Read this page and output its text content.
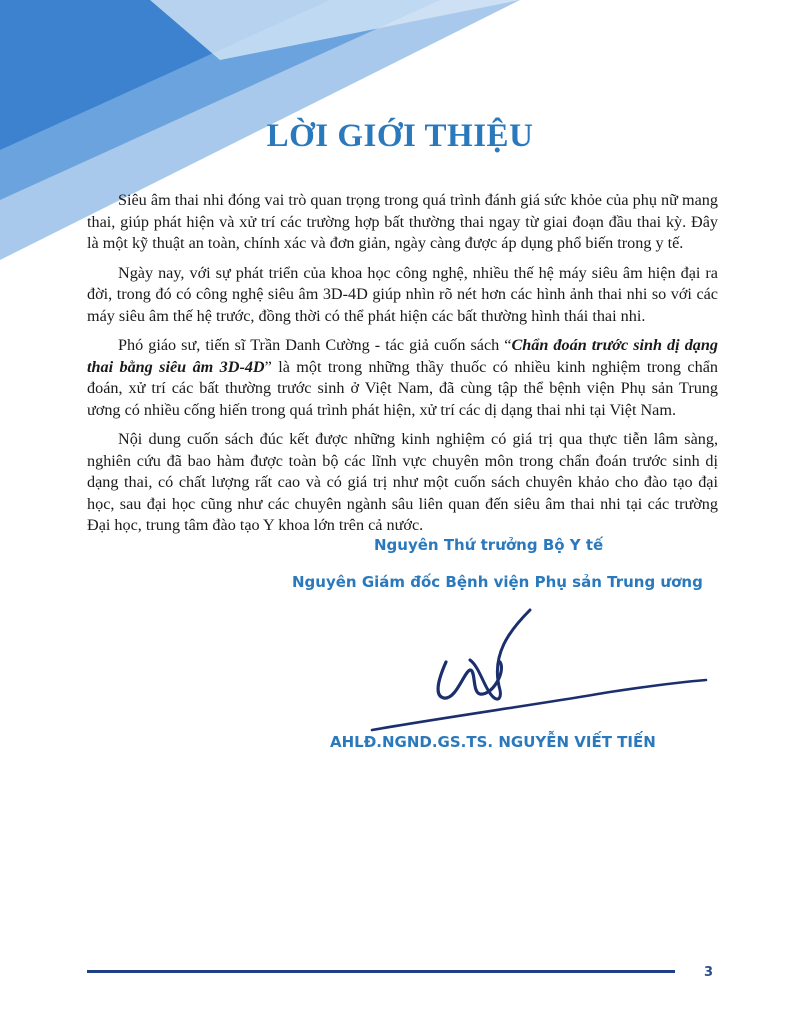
LỜI GIỚI THIỆU

Siêu âm thai nhi đóng vai trò quan trọng trong quá trình đánh giá sức khỏe của phụ nữ mang thai, giúp phát hiện và xử trí các trường hợp bất thường thai ngay từ giai đoạn đầu thai kỳ. Đây là một kỹ thuật an toàn, chính xác và đơn giản, ngày càng được áp dụng phổ biến trong y tế.

Ngày nay, với sự phát triển của khoa học công nghệ, nhiều thế hệ máy siêu âm hiện đại ra đời, trong đó có công nghệ siêu âm 3D-4D giúp nhìn rõ nét hơn các hình ảnh thai nhi so với các máy siêu âm thế hệ trước, đồng thời có thể phát hiện các bất thường hình thái thai nhi.

Phó giáo sư, tiến sĩ Trần Danh Cường - tác giả cuốn sách “Chẩn đoán trước sinh dị dạng thai bằng siêu âm 3D-4D” là một trong những thầy thuốc có nhiều kinh nghiệm trong chẩn đoán, xử trí các bất thường trước sinh ở Việt Nam, đã cùng tập thể bệnh viện Phụ sản Trung ương có nhiều cống hiến trong quá trình phát hiện, xử trí các dị dạng thai nhi tại Việt Nam.

Nội dung cuốn sách đúc kết được những kinh nghiệm có giá trị qua thực tiễn lâm sàng, nghiên cứu đã bao hàm được toàn bộ các lĩnh vực chuyên môn trong chẩn đoán trước sinh dị dạng thai, có chất lượng rất cao và có giá trị như một cuốn sách chuyên khảo cho đào tạo đại học, sau đại học cũng như các chuyên ngành sâu liên quan đến siêu âm thai nhi tại các trường Đại học, trung tâm đào tạo Y khoa lớn trên cả nước.

Nguyên Thứ trưởng Bộ Y tế
Nguyên Giám đốc Bệnh viện Phụ sản Trung ương
AHLĐ.NGND.GS.TS. NGUYỄN VIẾT TIẾN
3
